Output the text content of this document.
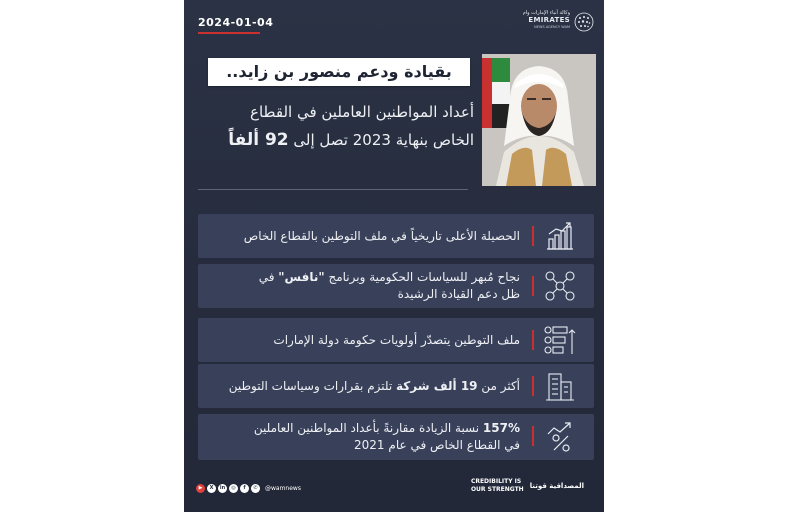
2024-01-04
وكالة أنباء الإمارات وام
EMIRATES
NEWS AGENCY WAM
بقيادة ودعم منصور بن زايد..
أعداد المواطنين العاملين في القطاع
الخاص بنهاية 2023 تصل إلى 92 ألفاً
الحصيلة الأعلى تاريخياً في ملف التوطين بالقطاع الخاص
نجاح مُبهر للسياسات الحكومية وبرنامج "نافس" في
ظل دعم القيادة الرشيدة
ملف التوطين يتصدّر أولويات حكومة دولة الإمارات
أكثر من 19 ألف شركة تلتزم بقرارات وسياسات التوطين
157% نسبة الزيادة مقارنةً بأعداد المواطنين العاملين
في القطاع الخاص في عام 2021
▶	X	in	◎	f	✆	@wamnews
CREDIBILITY IS
OUR STRENGTH المصداقية قوتنا
